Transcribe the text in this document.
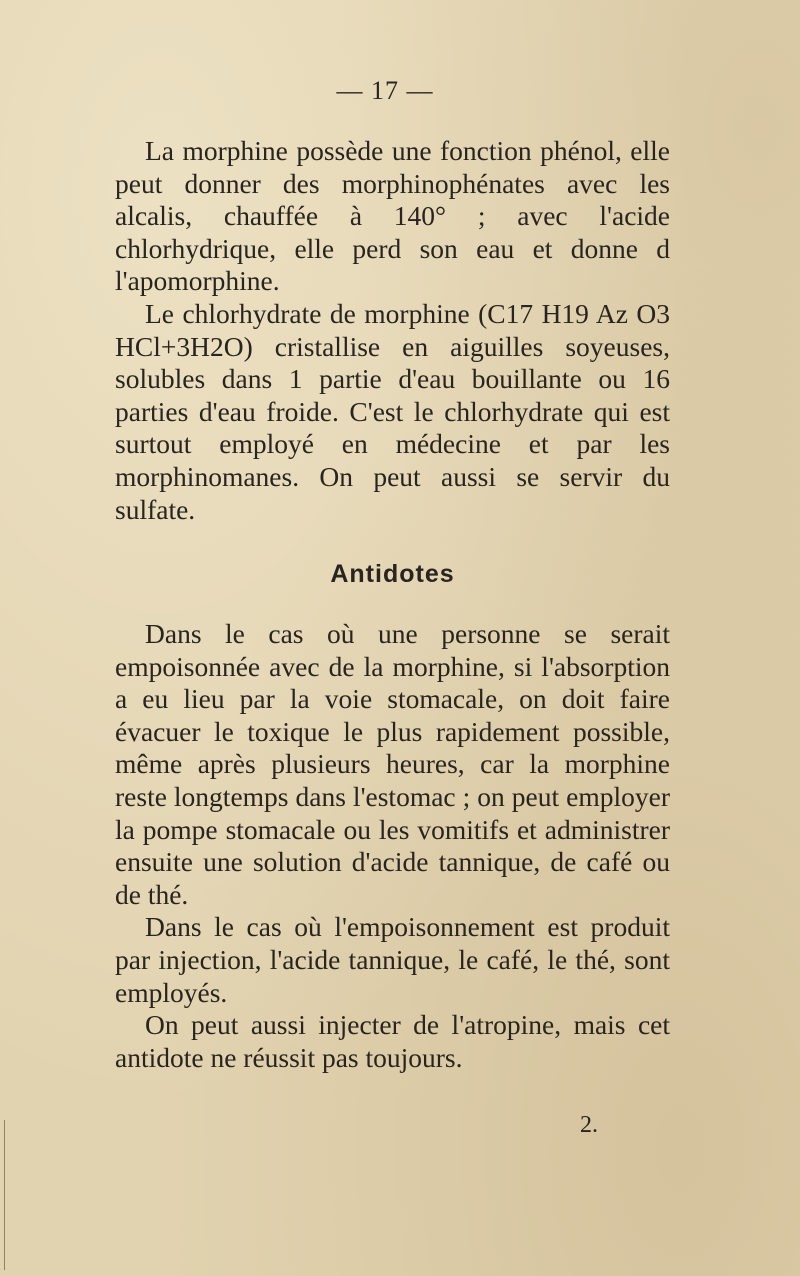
— 17 —

La morphine possède une fonction phénol, elle peut donner des morphinophénates avec les alcalis, chauffée à 140° ; avec l'acide chlorhydrique, elle perd son eau et donne d l'apomorphine.

Le chlorhydrate de morphine (C17 H19 Az O3 HCl+3H2O) cristallise en aiguilles soyeuses, solubles dans 1 partie d'eau bouillante ou 16 parties d'eau froide. C'est le chlorhydrate qui est surtout employé en médecine et par les morphinomanes. On peut aussi se servir du sulfate.

Antidotes

Dans le cas où une personne se serait empoisonnée avec de la morphine, si l'absorption a eu lieu par la voie stomacale, on doit faire évacuer le toxique le plus rapidement possible, même après plusieurs heures, car la morphine reste longtemps dans l'estomac ; on peut employer la pompe stomacale ou les vomitifs et administrer ensuite une solution d'acide tannique, de café ou de thé.

Dans le cas où l'empoisonnement est produit par injection, l'acide tannique, le café, le thé, sont employés.

On peut aussi injecter de l'atropine, mais cet antidote ne réussit pas toujours.

2.
